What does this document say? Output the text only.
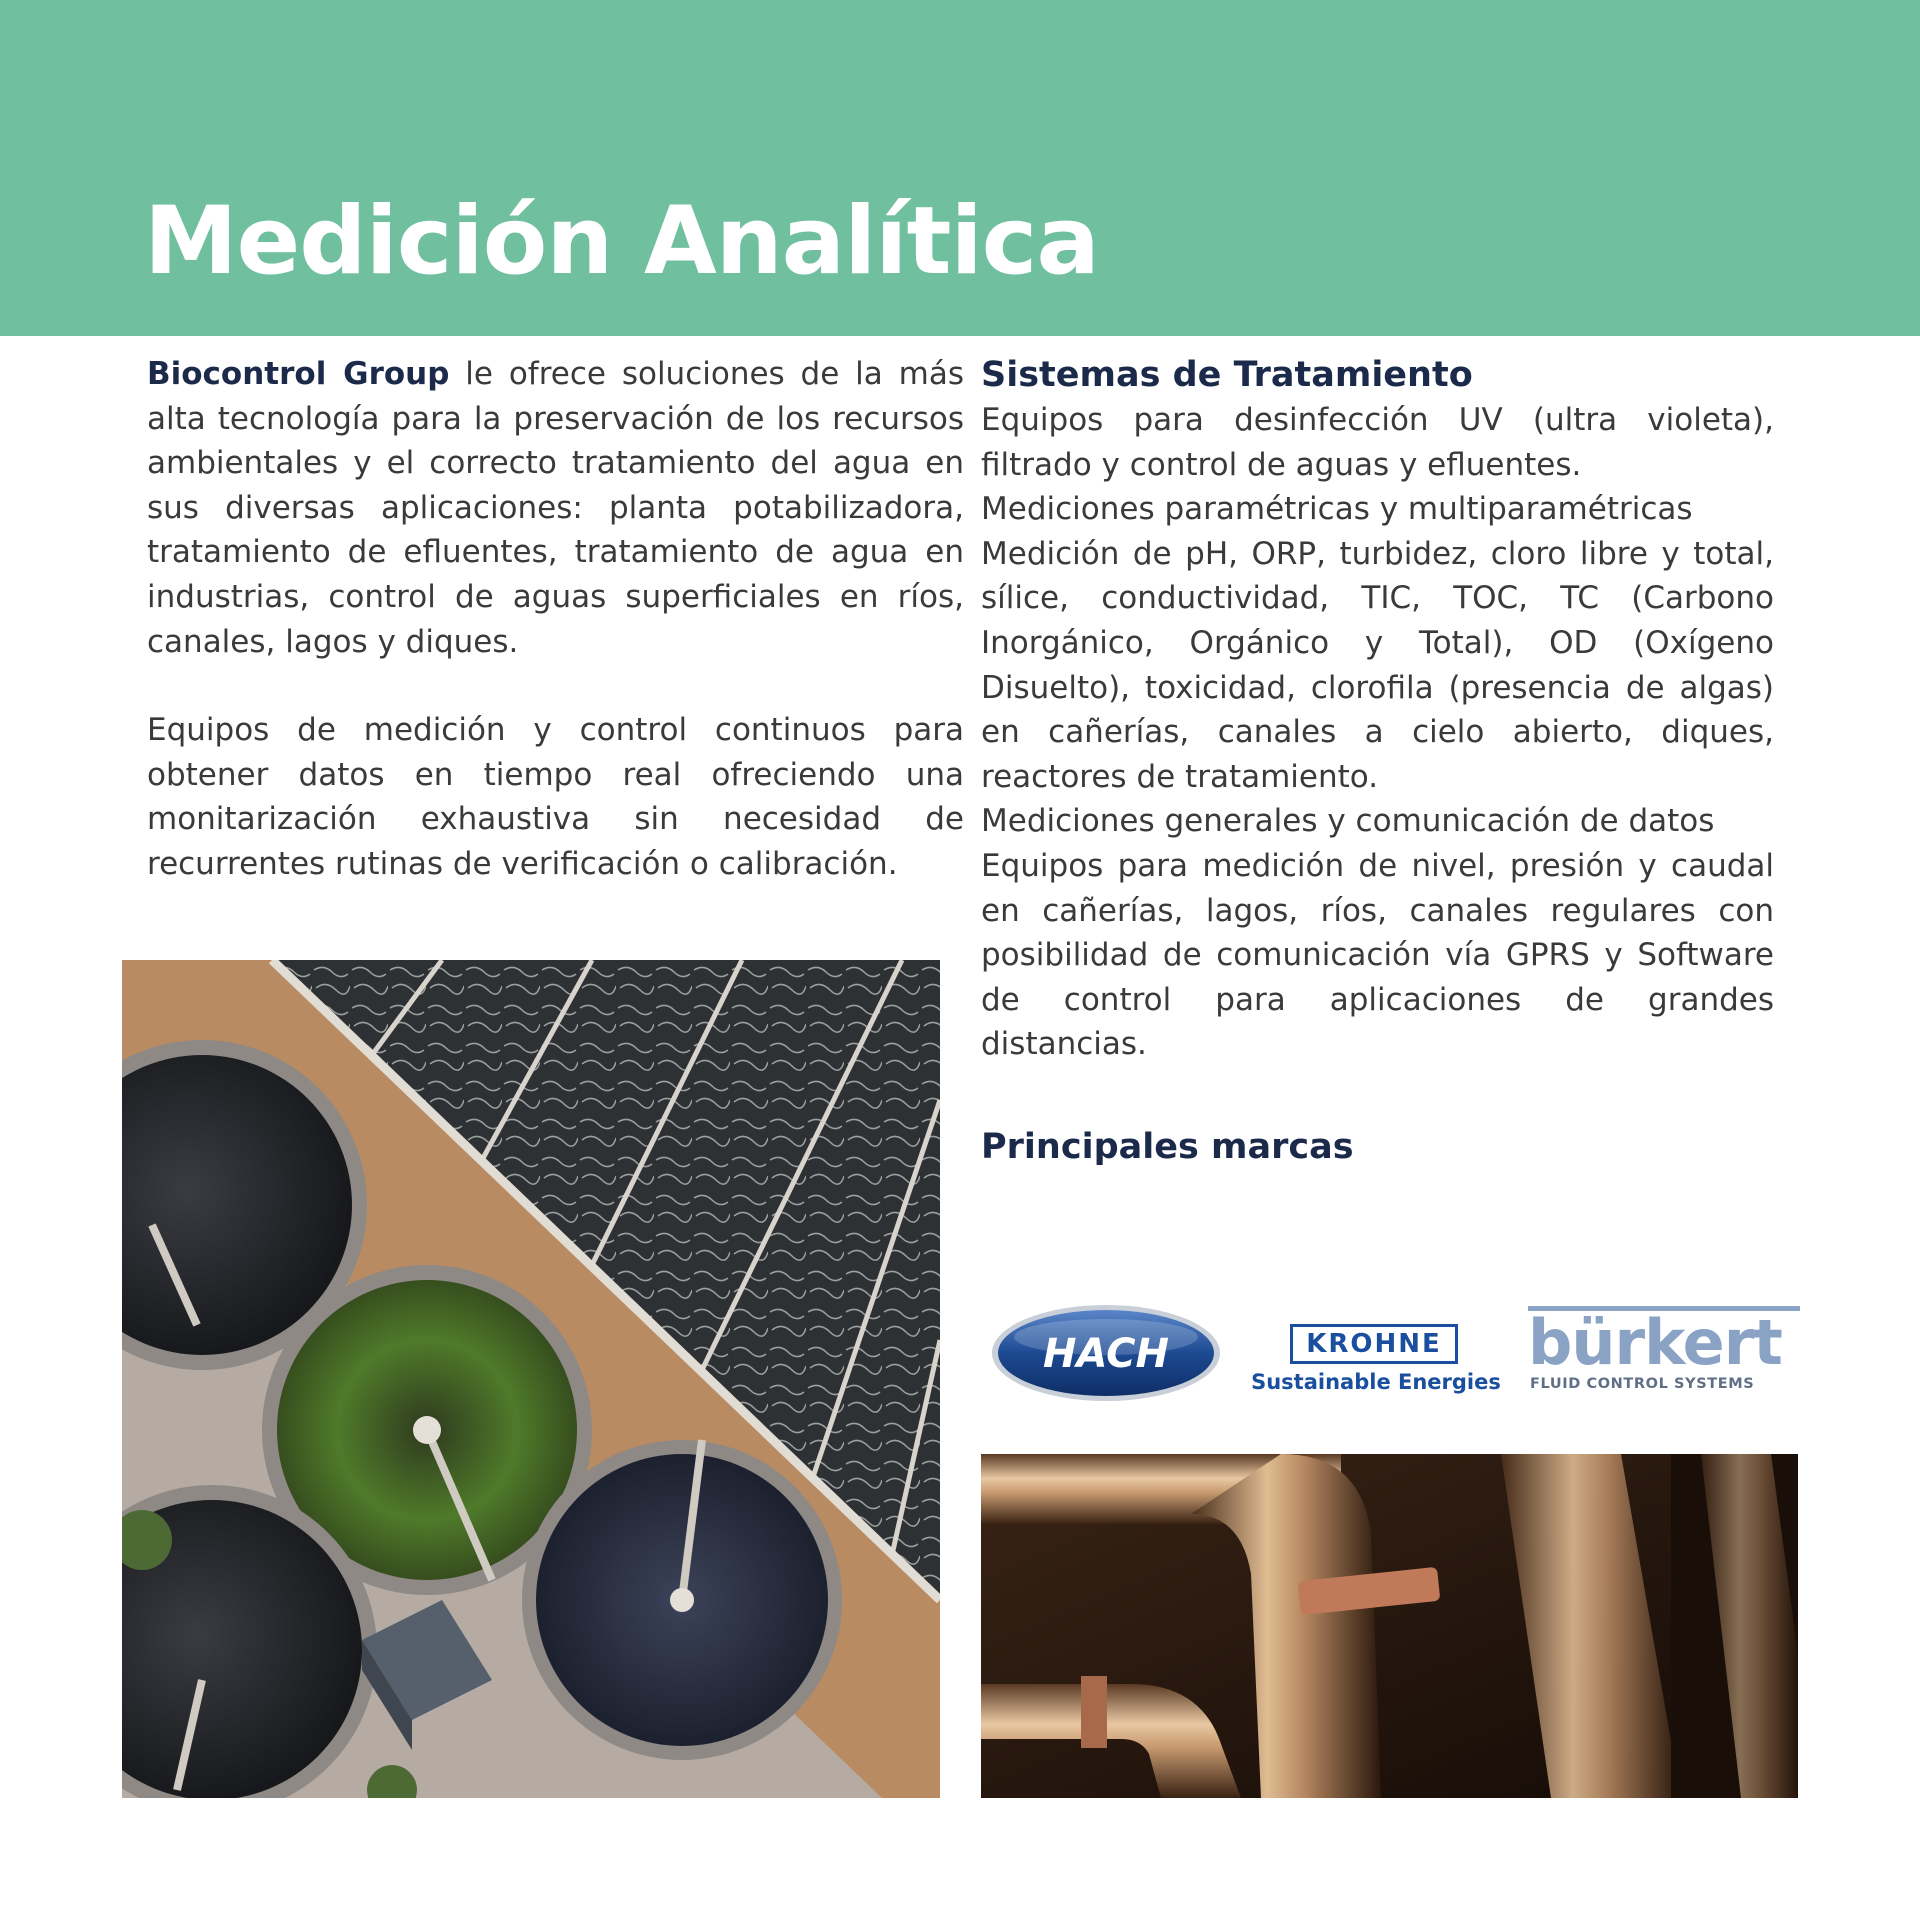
Medición Analítica

Biocontrol Group le ofrece soluciones de la más alta tecnología para la preservación de los recursos ambientales y el correcto tratamiento del agua en sus diversas aplicaciones: planta potabilizadora, tratamiento de efluentes, tratamiento de agua en industrias, control de aguas superficiales en ríos, canales, lagos y diques.

Equipos de medición y control continuos para obtener datos en tiempo real ofreciendo una monitarización exhaustiva sin necesidad de recurrentes rutinas de verificación o calibración.

Sistemas de Tratamiento

Equipos para desinfección UV (ultra violeta), filtrado y control de aguas y efluentes.

Mediciones paramétricas y multiparamétricas

Medición de pH, ORP, turbidez, cloro libre y total, sílice, conductividad, TIC, TOC, TC (Carbono Inorgánico, Orgánico y Total), OD (Oxígeno Disuelto), toxicidad, clorofila (presencia de algas) en cañerías, canales a cielo abierto, diques, reactores de tratamiento.

Mediciones generales y comunicación de datos

Equipos para medición de nivel, presión y caudal en cañerías, lagos, ríos, canales regulares con posibilidad de comunicación vía GPRS y Software de control para aplicaciones de grandes distancias.

Principales marcas
HACH	KROHNE
Sustainable Energies
bürkert
FLUID CONTROL SYSTEMS
